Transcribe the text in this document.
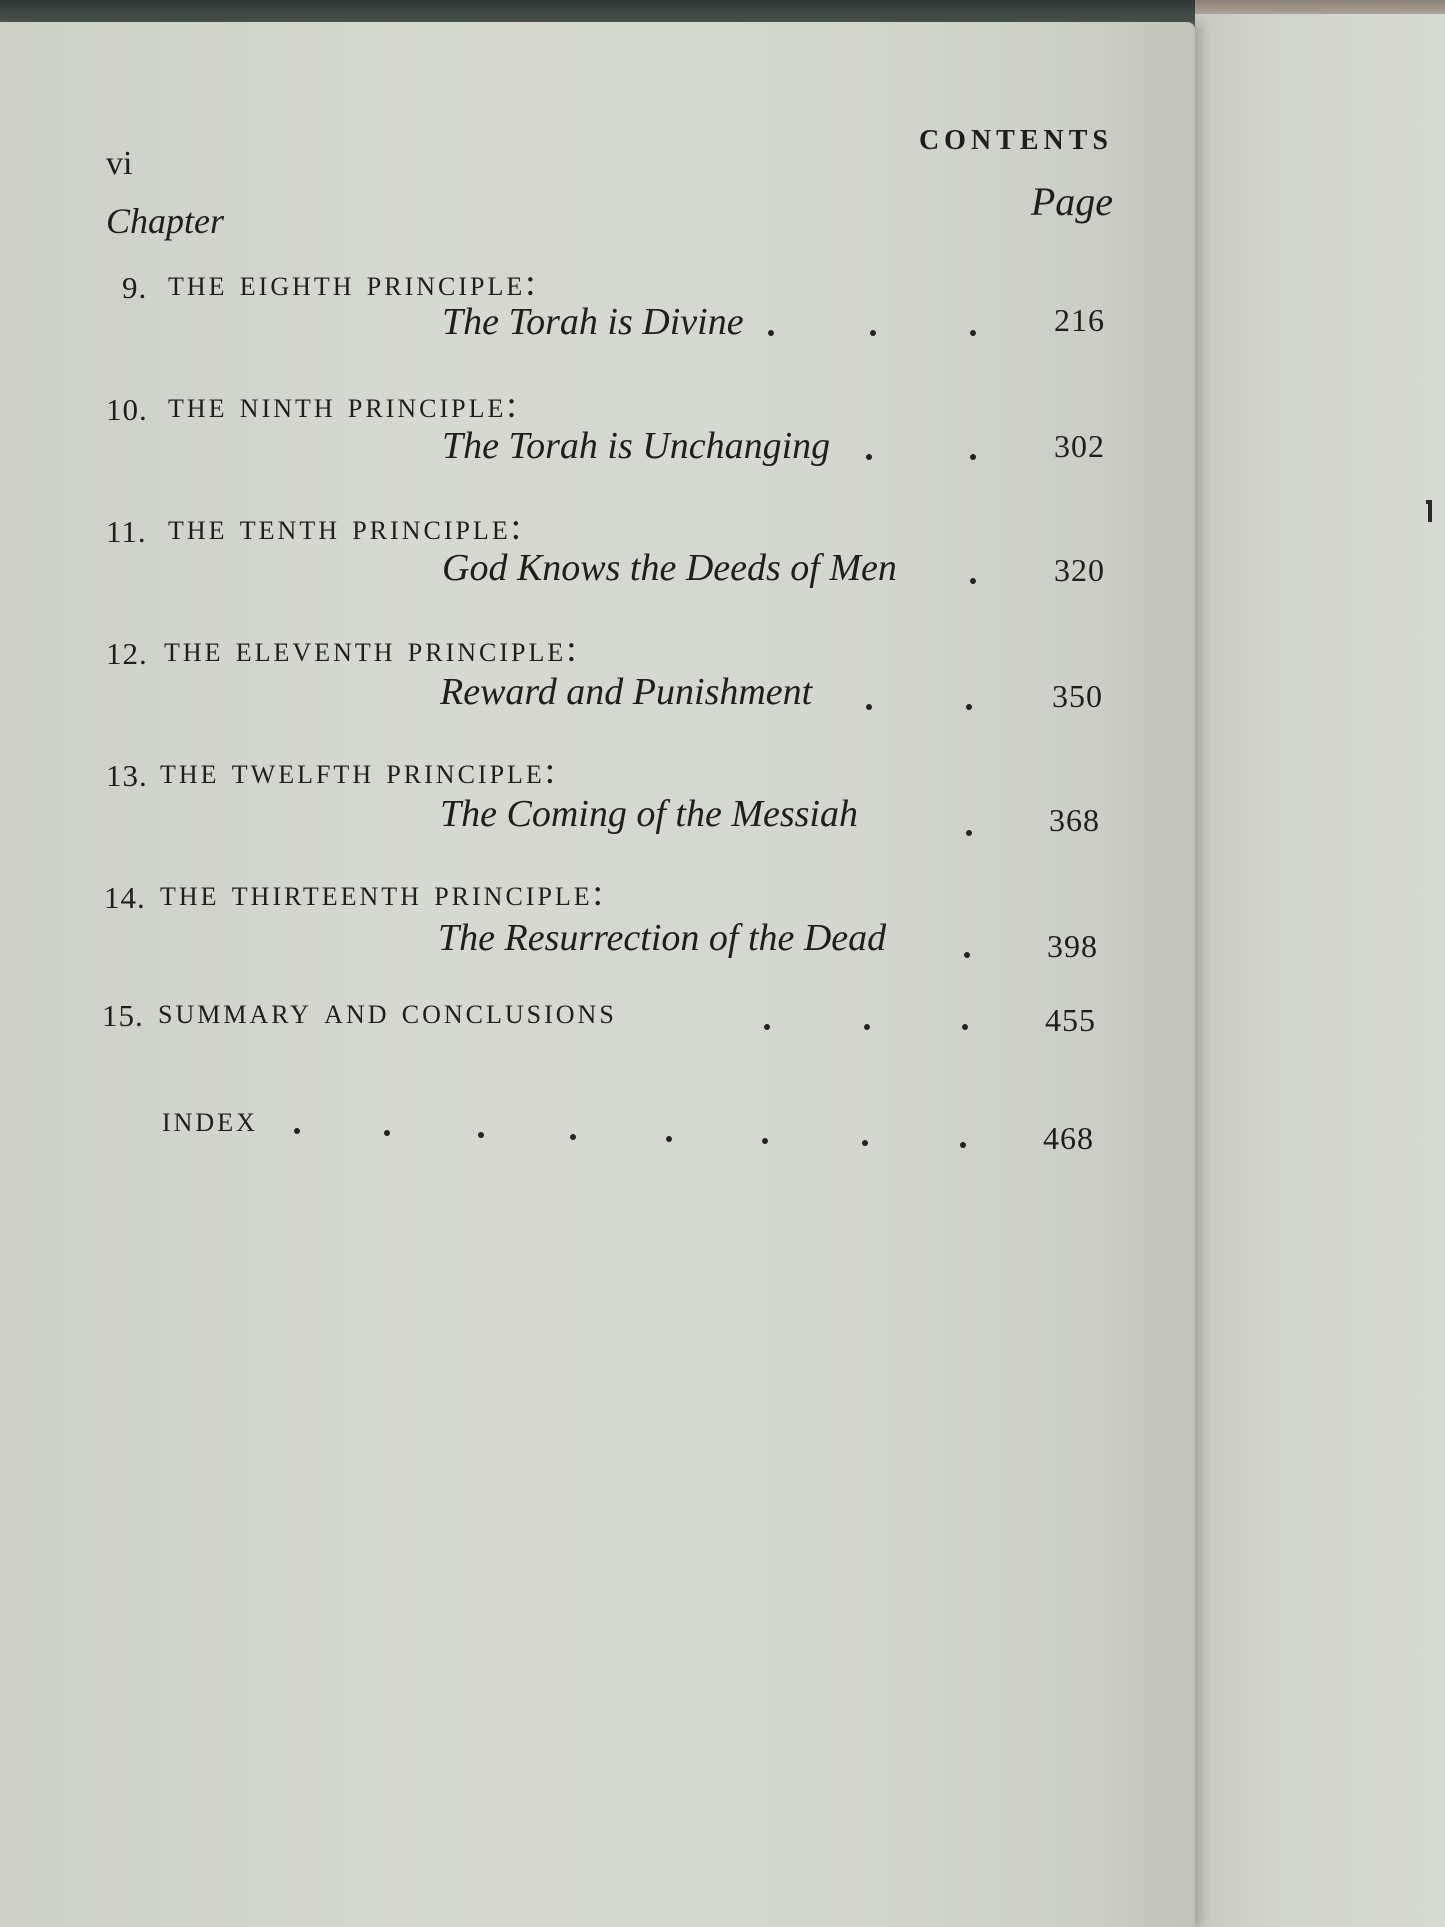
vi
CONTENTS
Chapter	Page
9. the eighth principle:
The Torah is Divine	216
10. the ninth principle:
The Torah is Unchanging	302
11. the tenth principle:
God Knows the Deeds of Men	320
12. the eleventh principle:
Reward and Punishment	350
13. the twelfth principle:
The Coming of the Messiah	368
14. the thirteenth principle:
The Resurrection of the Dead	398
15. summary and conclusions	455
index	468
